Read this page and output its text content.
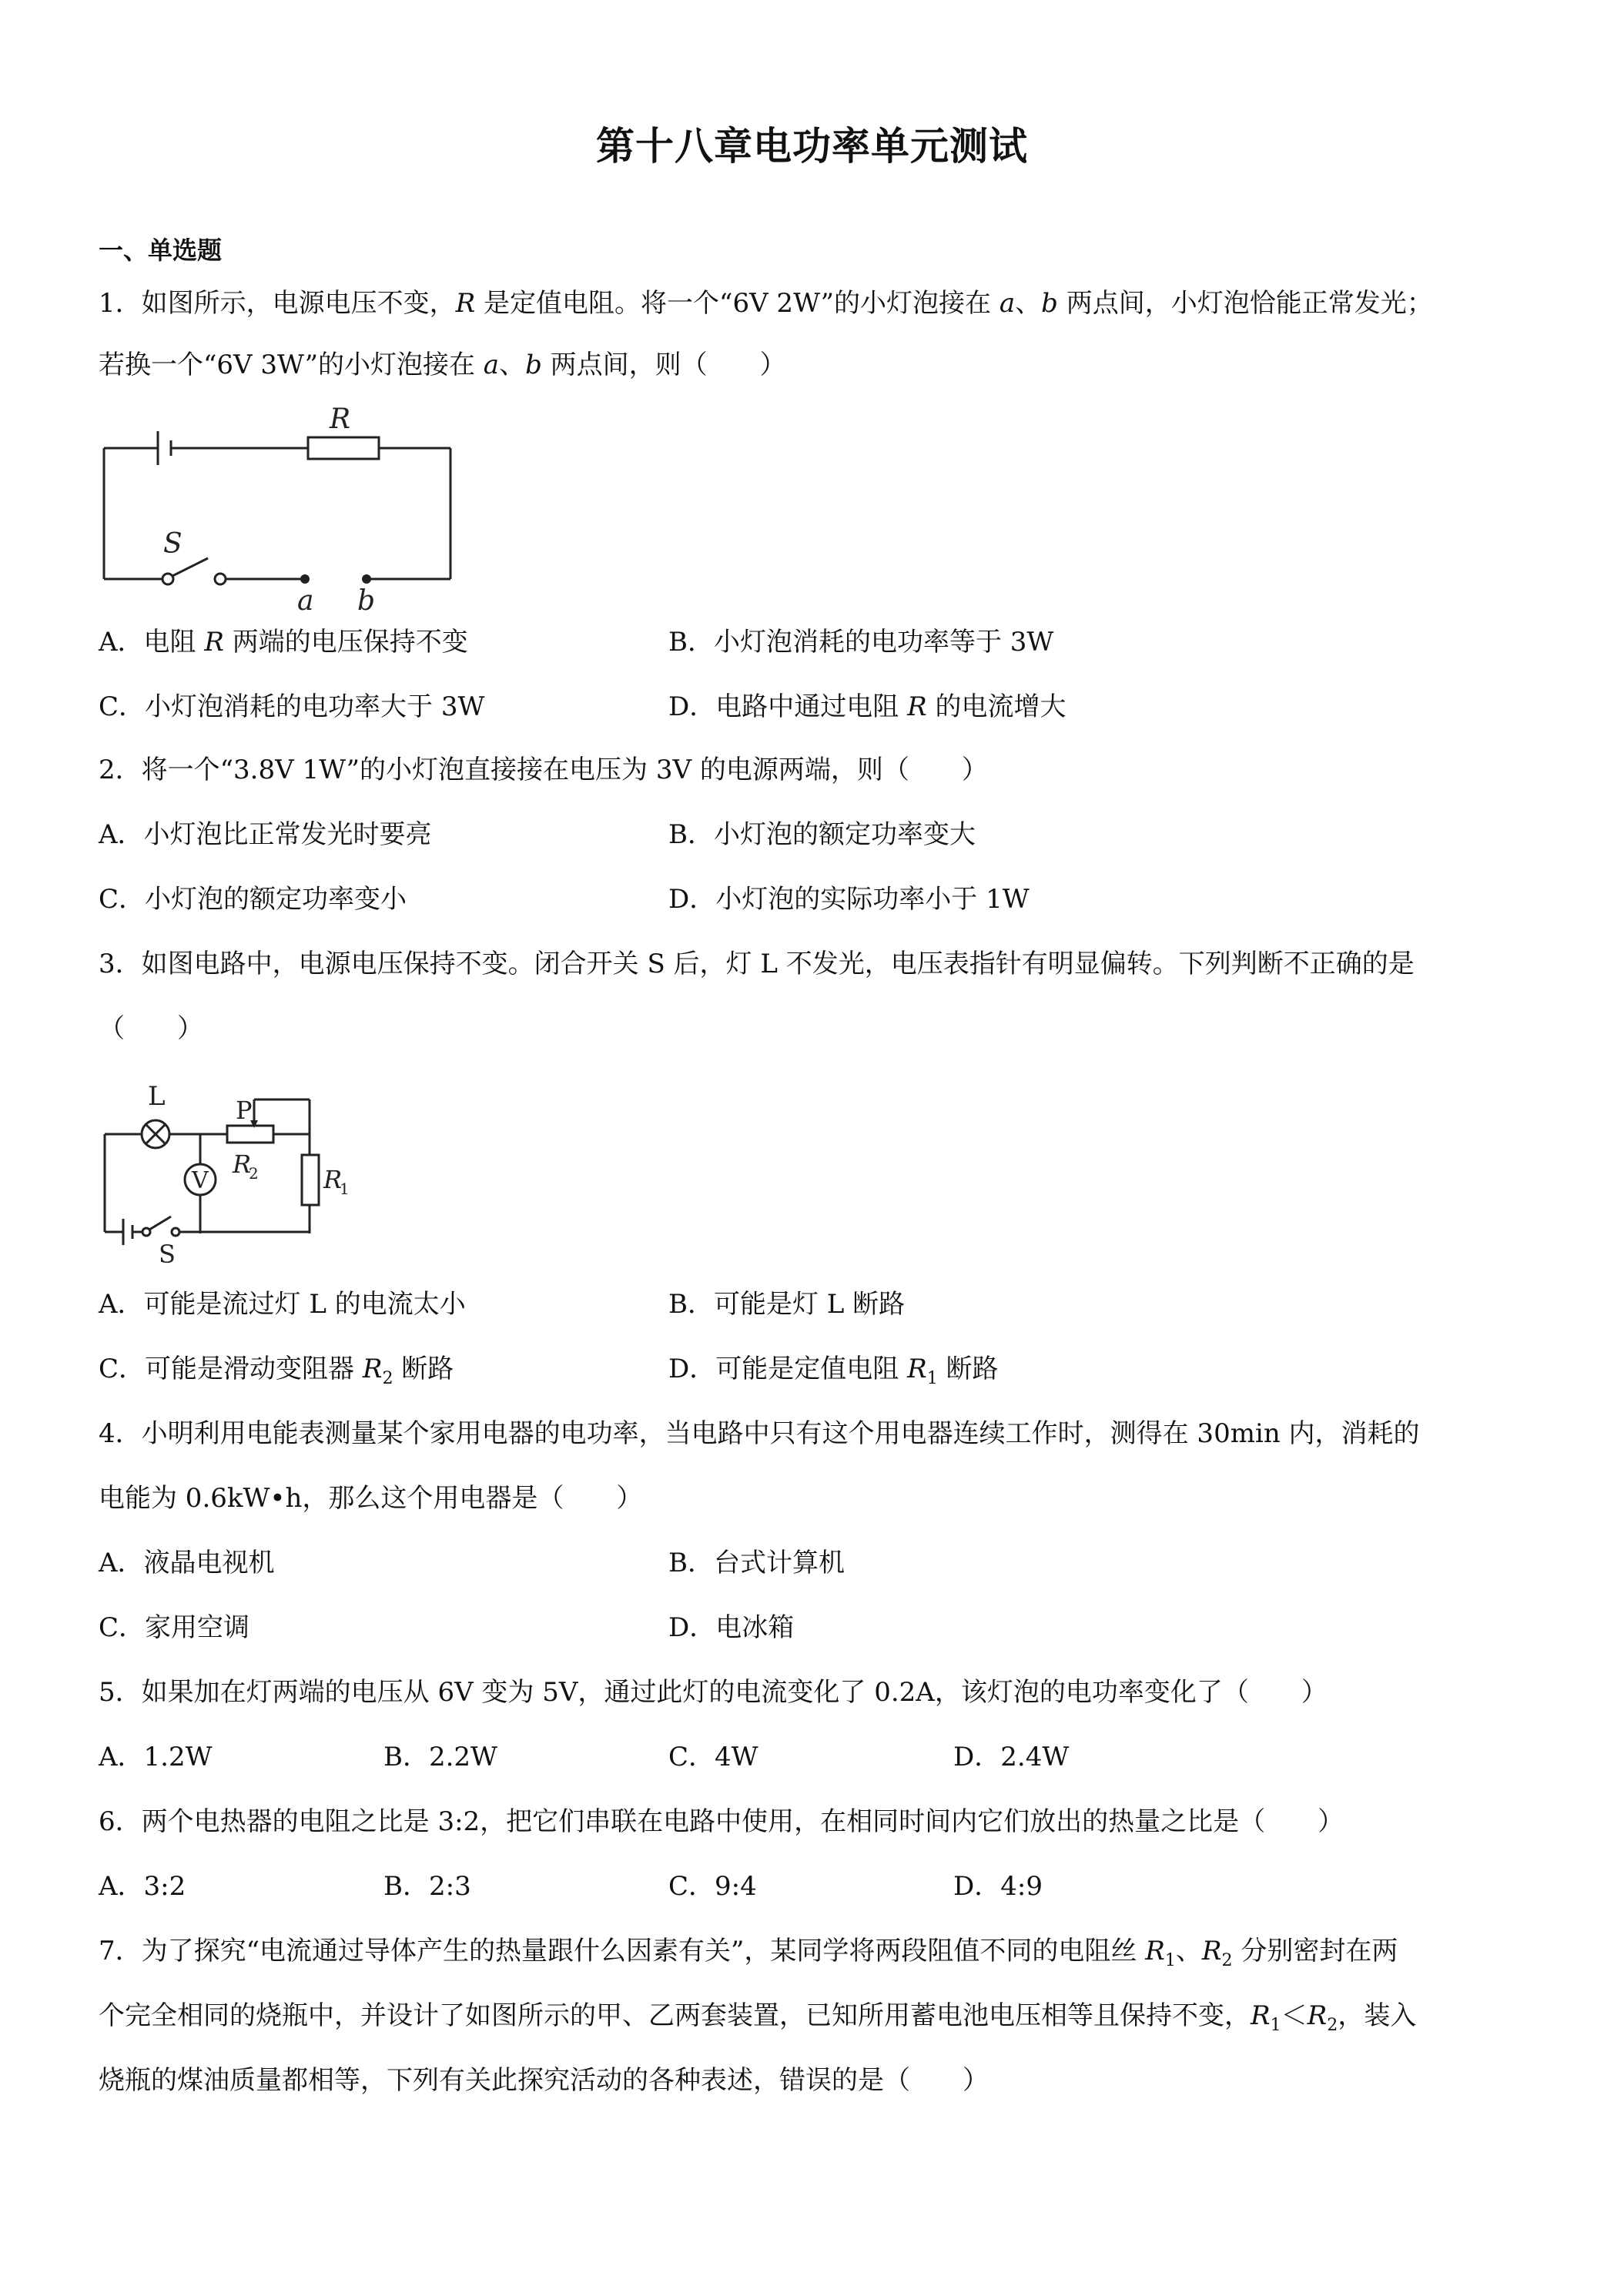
第十八章电功率单元测试
一、单选题
1．如图所示，电源电压不变，R 是定值电阻。将一个“6V 2W”的小灯泡接在 a、b 两点间，小灯泡恰能正常发光；
若换一个“6V 3W”的小灯泡接在 a、b 两点间，则（　　）
R
S
a b
A．电阻 R 两端的电压保持不变	B．小灯泡消耗的电功率等于 3W
C．小灯泡消耗的电功率大于 3W	D．电路中通过电阻 R 的电流增大
2．将一个“3.8V 1W”的小灯泡直接接在电压为 3V 的电源两端，则（　　）
A．小灯泡比正常发光时要亮	B．小灯泡的额定功率变大
C．小灯泡的额定功率变小	D．小灯泡的实际功率小于 1W
3．如图电路中，电源电压保持不变。闭合开关 S 后，灯 L 不发光，电压表指针有明显偏转。下列判断不正确的是
（　　）
L	P
V
R
2	R
1
S
A．可能是流过灯 L 的电流太小	B．可能是灯 L 断路
C．可能是滑动变阻器 $R_2$ 断路	D．可能是定值电阻 $R_1$ 断路
4．小明利用电能表测量某个家用电器的电功率，当电路中只有这个用电器连续工作时，测得在 30min 内，消耗的
电能为 0.6kW•h，那么这个用电器是（　　）
A．液晶电视机	B．台式计算机
C．家用空调	D．电冰箱
5．如果加在灯两端的电压从 6V 变为 5V，通过此灯的电流变化了 0.2A，该灯泡的电功率变化了（　　）
A．1.2W	B．2.2W	C．4W	D．2.4W
6．两个电热器的电阻之比是 3:2，把它们串联在电路中使用，在相同时间内它们放出的热量之比是（　　）
A．3:2	B．2:3	C．9:4	D．4:9
7．为了探究“电流通过导体产生的热量跟什么因素有关”，某同学将两段阻值不同的电阻丝 $R_1$、$R_2$ 分别密封在两
个完全相同的烧瓶中，并设计了如图所示的甲、乙两套装置，已知所用蓄电池电压相等且保持不变，$R_1<R_2$，装入
烧瓶的煤油质量都相等，下列有关此探究活动的各种表述，错误的是（　　）
